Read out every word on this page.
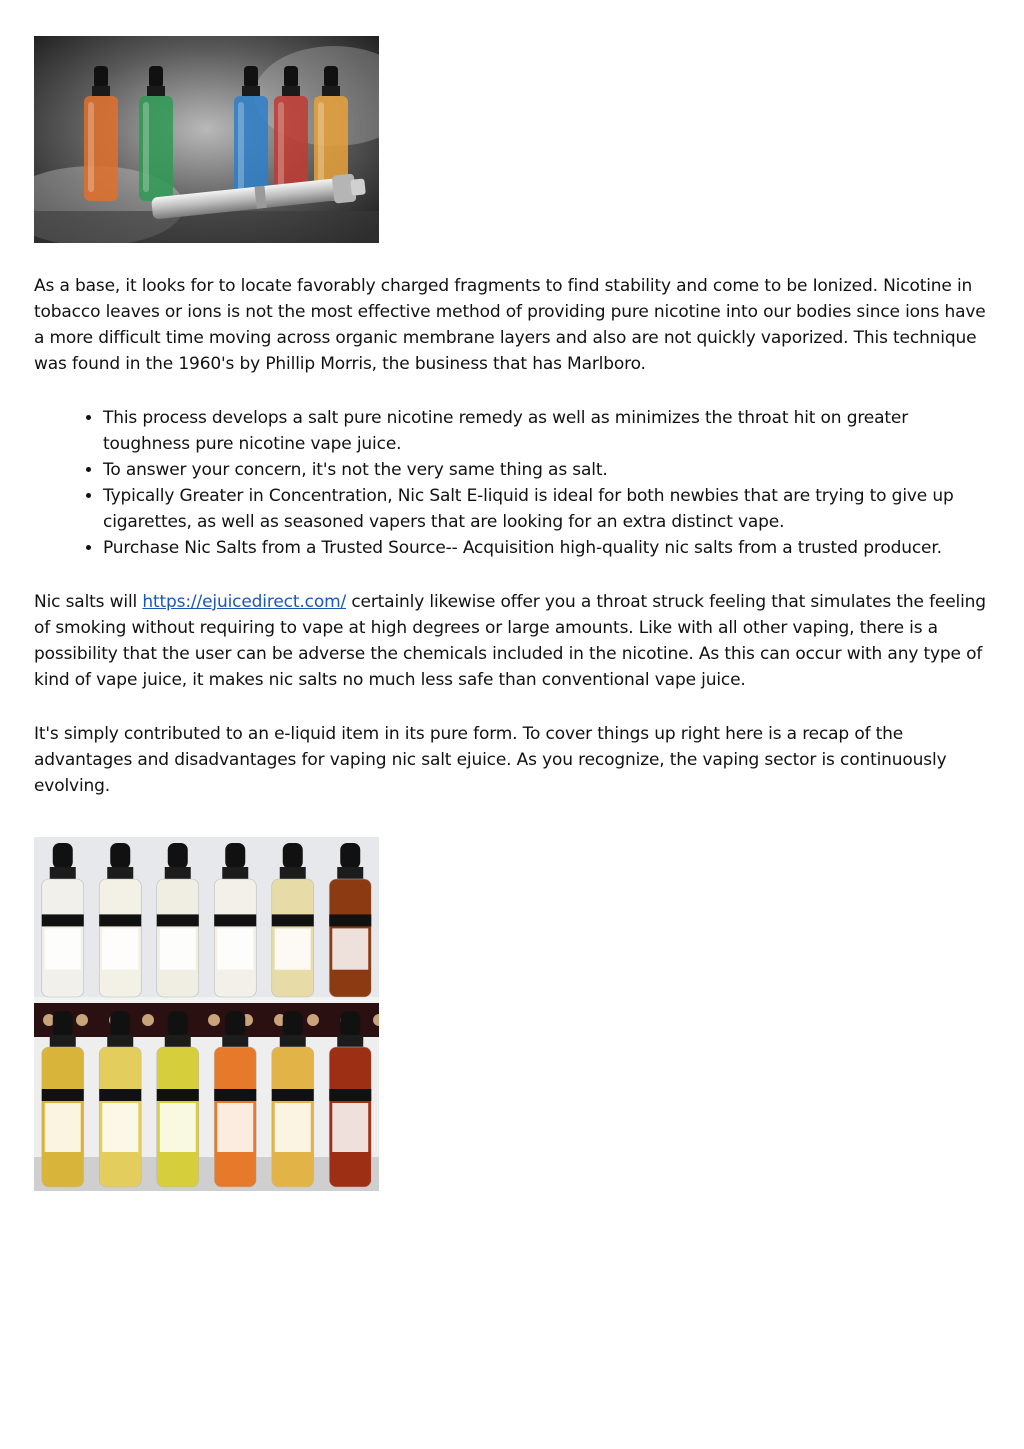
As a base, it looks for to locate favorably charged fragments to find stability and come to be Ionized. Nicotine in tobacco leaves or ions is not the most effective method of providing pure nicotine into our bodies since ions have a more difficult time moving across organic membrane layers and also are not quickly vaporized. This technique was found in the 1960's by Phillip Morris, the business that has Marlboro.

• This process develops a salt pure nicotine remedy as well as minimizes the throat hit on greater toughness pure nicotine vape juice.
• To answer your concern, it's not the very same thing as salt.
• Typically Greater in Concentration, Nic Salt E-liquid is ideal for both newbies that are trying to give up cigarettes, as well as seasoned vapers that are looking for an extra distinct vape.
• Purchase Nic Salts from a Trusted Source-- Acquisition high-quality nic salts from a trusted producer.

Nic salts will https://ejuicedirect.com/ certainly likewise offer you a throat struck feeling that simulates the feeling of smoking without requiring to vape at high degrees or large amounts. Like with all other vaping, there is a possibility that the user can be adverse the chemicals included in the nicotine. As this can occur with any type of kind of vape juice, it makes nic salts no much less safe than conventional vape juice.

It's simply contributed to an e-liquid item in its pure form. To cover things up right here is a recap of the advantages and disadvantages for vaping nic salt ejuice. As you recognize, the vaping sector is continuously evolving.
